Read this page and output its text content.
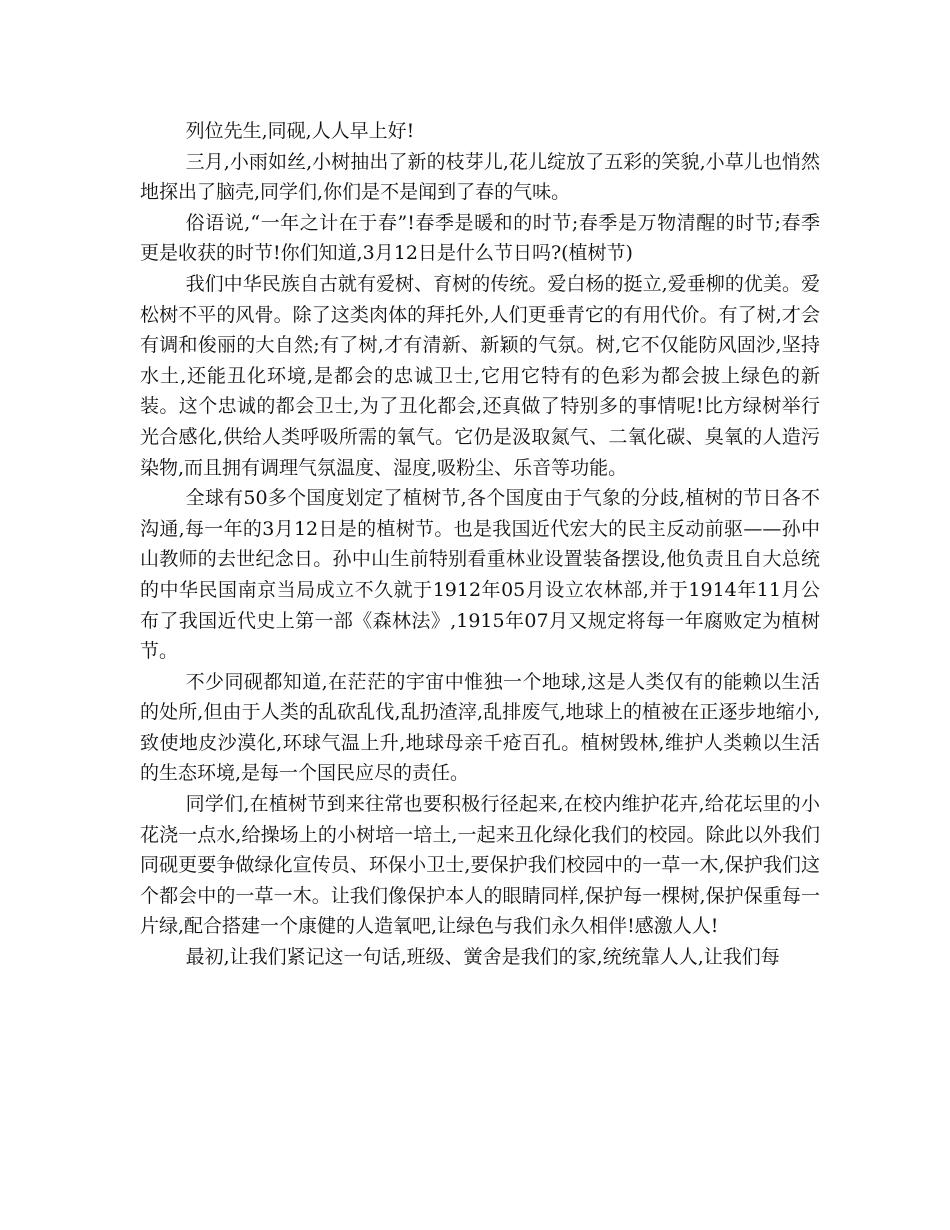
列位先生,同砚,人人早上好!

三月,小雨如丝,小树抽出了新的枝芽儿,花儿绽放了五彩的笑貌,小草儿也悄然地探出了脑壳,同学们,你们是不是闻到了春的气味。

俗语说,“一年之计在于春”!春季是暖和的时节;春季是万物清醒的时节;春季更是收获的时节!你们知道,3月12日是什么节日吗?(植树节)

我们中华民族自古就有爱树、育树的传统。爱白杨的挺立,爱垂柳的优美。爱松树不平的风骨。除了这类肉体的拜托外,人们更垂青它的有用代价。有了树,才会有调和俊丽的大自然;有了树,才有清新、新颖的气氛。树,它不仅能防风固沙,坚持水土,还能丑化环境,是都会的忠诚卫士,它用它特有的色彩为都会披上绿色的新装。这个忠诚的都会卫士,为了丑化都会,还真做了特别多的事情呢!比方绿树举行光合感化,供给人类呼吸所需的氧气。它仍是汲取氮气、二氧化碳、臭氧的人造污染物,而且拥有调理气氛温度、湿度,吸粉尘、乐音等功能。

全球有50多个国度划定了植树节,各个国度由于气象的分歧,植树的节日各不沟通,每一年的3月12日是的植树节。也是我国近代宏大的民主反动前驱——孙中山教师的去世纪念日。孙中山生前特别看重林业设置装备摆设,他负责且自大总统的中华民国南京当局成立不久就于1912年05月设立农林部,并于1914年11月公布了我国近代史上第一部《森林法》,1915年07月又规定将每一年腐败定为植树节。

不少同砚都知道,在茫茫的宇宙中惟独一个地球,这是人类仅有的能赖以生活的处所,但由于人类的乱砍乱伐,乱扔渣滓,乱排废气,地球上的植被在正逐步地缩小,致使地皮沙漠化,环球气温上升,地球母亲千疮百孔。植树毁林,维护人类赖以生活的生态环境,是每一个国民应尽的责任。

同学们,在植树节到来往常也要积极行径起来,在校内维护花卉,给花坛里的小花浇一点水,给操场上的小树培一培土,一起来丑化绿化我们的校园。除此以外我们同砚更要争做绿化宣传员、环保小卫士,要保护我们校园中的一草一木,保护我们这个都会中的一草一木。让我们像保护本人的眼睛同样,保护每一棵树,保护保重每一片绿,配合搭建一个康健的人造氧吧,让绿色与我们永久相伴!感激人人!

最初,让我们紧记这一句话,班级、黉舍是我们的家,统统靠人人,让我们每
